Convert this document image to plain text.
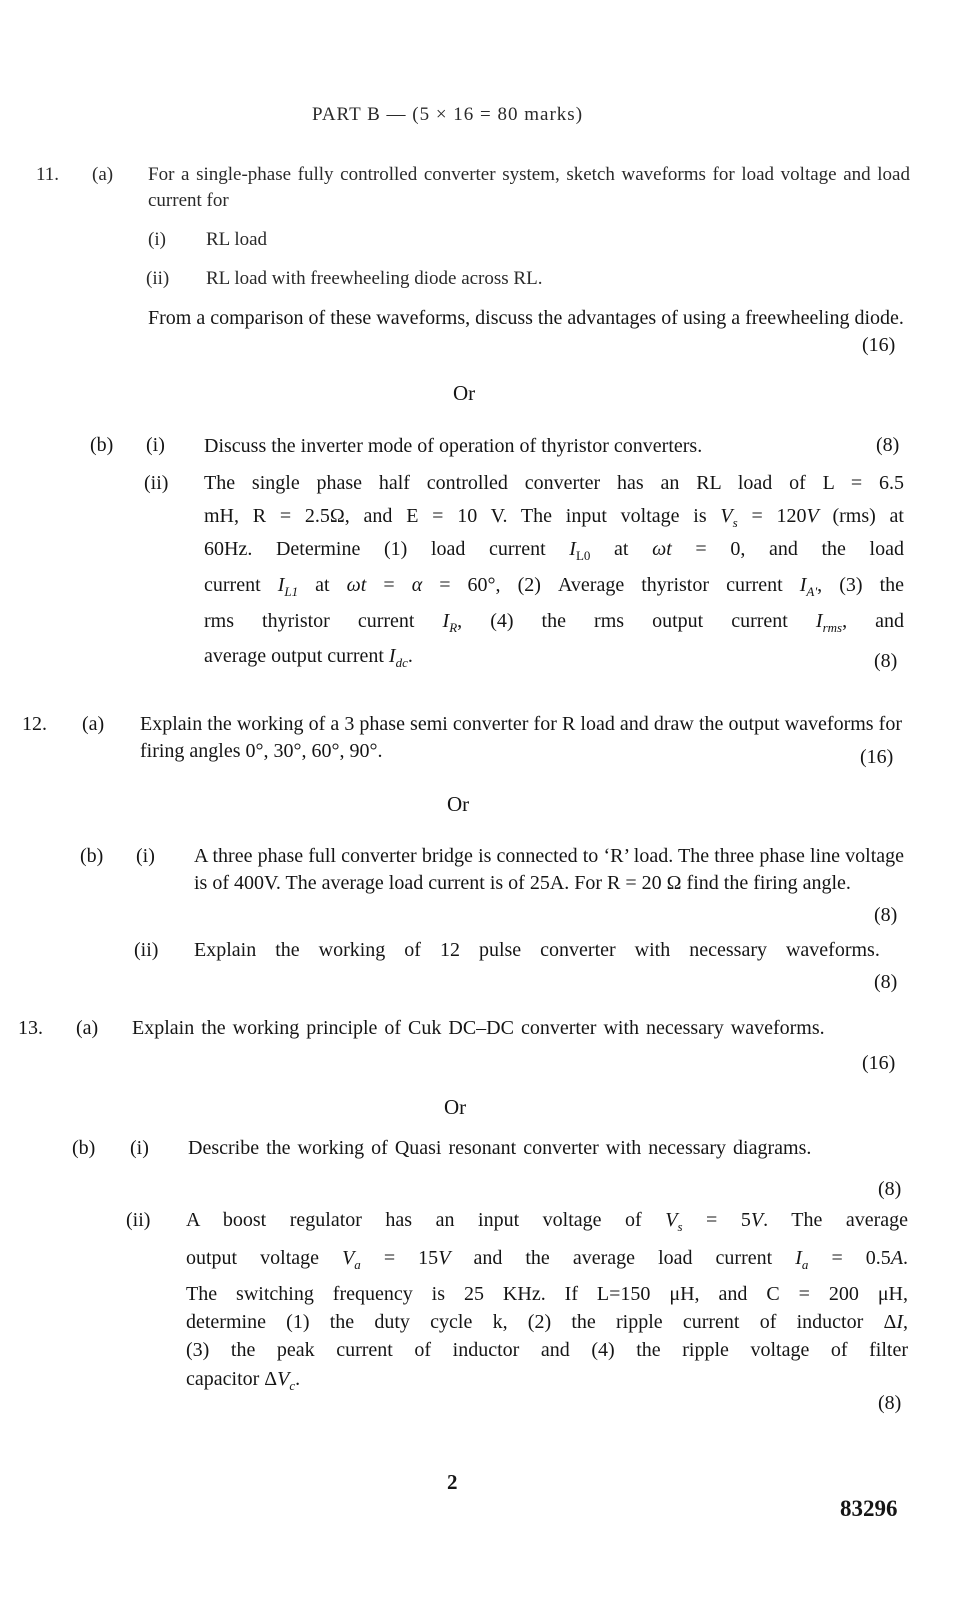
PART B — (5 × 16 = 80 marks)
11. (a) For a single-phase fully controlled converter system, sketch waveforms for load voltage and load current for
(i) RL load
(ii) RL load with freewheeling diode across RL.
From a comparison of these waveforms, discuss the advantages of using a freewheeling diode.
(16)
Or
(b) (i) Discuss the inverter mode of operation of thyristor converters.	(8)
(ii) The single phase half controlled converter has an RL load of L = 6.5
mH, R = 2.5Ω, and E = 10 V. The input voltage is $V_s = 120V$ (rms) at
60Hz. Determine (1) load current $I_{L0}$ at ωt = 0, and the load
current $I_{L1}$ at ωt = α = 60°, (2) Average thyristor current $I_{A'}$, (3) the
rms thyristor current $I_R$, (4) the rms output current $I_{rms}$, and
average output current $I_{dc}$.	(8)
12. (a) Explain the working of a 3 phase semi converter for R load and draw the output waveforms for firing angles 0°, 30°, 60°, 90°.	(16)
Or
(b) (i) A three phase full converter bridge is connected to ‘R’ load. The three phase line voltage is of 400V. The average load current is of 25A. For R = 20 Ω find the firing angle.
(8)
(ii) Explain the working of 12 pulse converter with necessary waveforms.
(8)
13. (a) Explain the working principle of Cuk DC–DC converter with necessary waveforms.
(16)
Or
(b) (i) Describe the working of Quasi resonant converter with necessary diagrams.
(8)
(ii) A boost regulator has an input voltage of $V_s = 5V$. The average
output voltage $V_a = 15V$ and the average load current $I_a = 0.5A$.
The switching frequency is 25 KHz. If L=150 μH, and C = 200 μH,
determine (1) the duty cycle k, (2) the ripple current of inductor ΔI,
(3) the peak current of inductor and (4) the ripple voltage of filter
capacitor $\Delta V_c$.
(8)
2
83296
